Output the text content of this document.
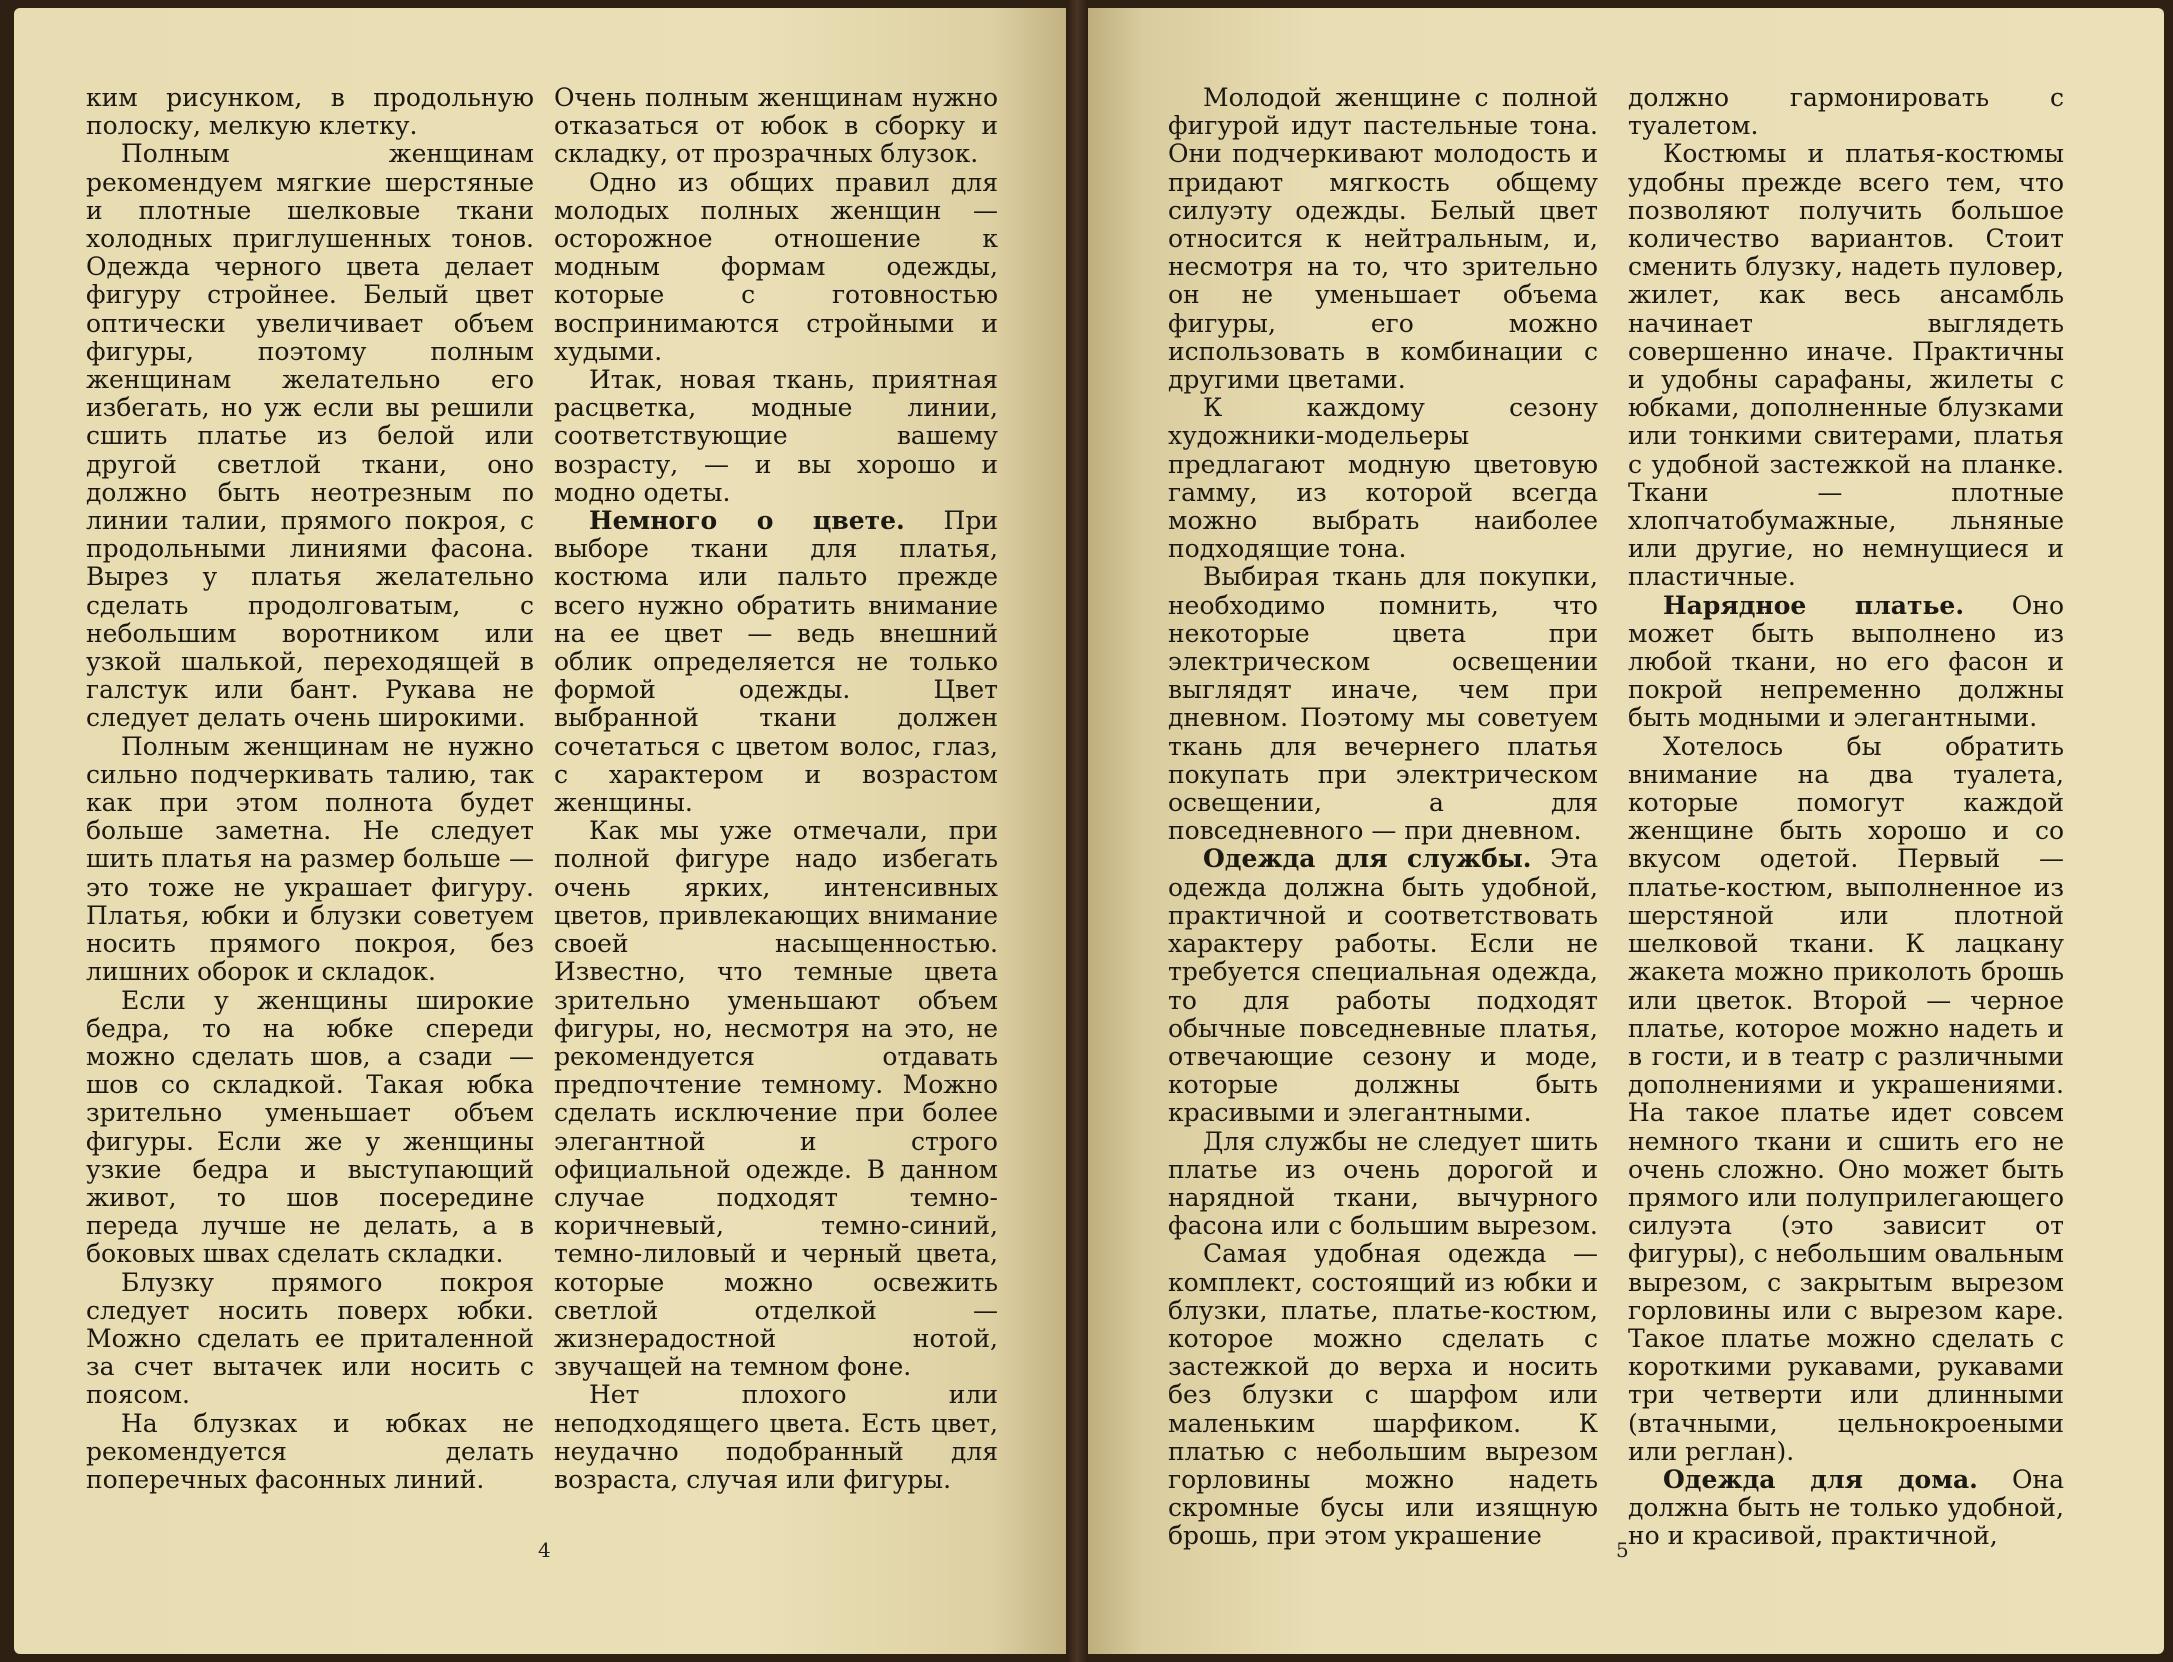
ким рисунком, в продольную полоску, мелкую клетку.

Полным женщинам рекомендуем мягкие шерстяные и плотные шелковые ткани холодных приглушенных тонов. Одежда черного цвета делает фигуру стройнее. Белый цвет оптически увеличивает объем фигуры, поэтому полным женщинам желательно его избегать, но уж если вы решили сшить платье из белой или другой светлой ткани, оно должно быть неотрезным по линии талии, прямого покроя, с продольными линиями фасона. Вырез у платья желательно сделать продолговатым, с небольшим воротником или узкой шалькой, переходящей в галстук или бант. Рукава не следует делать очень широкими.

Полным женщинам не нужно сильно подчеркивать талию, так как при этом полнота будет больше заметна. Не следует шить платья на размер больше — это тоже не украшает фигуру. Платья, юбки и блузки советуем носить прямого покроя, без лишних оборок и складок.

Если у женщины широкие бедра, то на юбке спереди можно сделать шов, а сзади — шов со складкой. Такая юбка зрительно уменьшает объем фигуры. Если же у женщины узкие бедра и выступающий живот, то шов посередине переда лучше не делать, а в боковых швах сделать складки.

Блузку прямого покроя следует носить поверх юбки. Можно сделать ее приталенной за счет вытачек или носить с поясом.

На блузках и юбках не рекомендуется делать поперечных фасонных линий.

Очень полным женщинам нужно отказаться от юбок в сборку и складку, от прозрачных блузок.

Одно из общих правил для молодых полных женщин — осторожное отношение к модным формам одежды, которые с готовностью воспринимаются стройными и худыми.

Итак, новая ткань, приятная расцветка, модные линии, соответствующие вашему возрасту, — и вы хорошо и модно одеты.

Немного о цвете. При выборе ткани для платья, костюма или пальто прежде всего нужно обратить внимание на ее цвет — ведь внешний облик определяется не только формой одежды. Цвет выбранной ткани должен сочетаться с цветом волос, глаз, с характером и возрастом женщины.

Как мы уже отмечали, при полной фигуре надо избегать очень ярких, интенсивных цветов, привлекающих внимание своей насыщенностью. Известно, что темные цвета зрительно уменьшают объем фигуры, но, несмотря на это, не рекомендуется отдавать предпочтение темному. Можно сделать исключение при более элегантной и строго официальной одежде. В данном случае подходят темно-коричневый, темно-синий, темно-лиловый и черный цвета, которые можно освежить светлой отделкой — жизнерадостной нотой, звучащей на темном фоне.

Нет плохого или неподходящего цвета. Есть цвет, неудачно подобранный для возраста, случая или фигуры.

4

Молодой женщине с полной фигурой идут пастельные тона. Они подчеркивают молодость и придают мягкость общему силуэту одежды. Белый цвет относится к нейтральным, и, несмотря на то, что зрительно он не уменьшает объема фигуры, его можно использовать в комбинации с другими цветами.

К каждому сезону художники-модельеры предлагают модную цветовую гамму, из которой всегда можно выбрать наиболее подходящие тона.

Выбирая ткань для покупки, необходимо помнить, что некоторые цвета при электрическом освещении выглядят иначе, чем при дневном. Поэтому мы советуем ткань для вечернего платья покупать при электрическом освещении, а для повседневного — при дневном.

Одежда для службы. Эта одежда должна быть удобной, практичной и соответствовать характеру работы. Если не требуется специальная одежда, то для работы подходят обычные повседневные платья, отвечающие сезону и моде, которые должны быть красивыми и элегантными.

Для службы не следует шить платье из очень дорогой и нарядной ткани, вычурного фасона или с большим вырезом.

Самая удобная одежда — комплект, состоящий из юбки и блузки, платье, платье-костюм, которое можно сделать с застежкой до верха и носить без блузки с шарфом или маленьким шарфиком. К платью с небольшим вырезом горловины можно надеть скромные бусы или изящную брошь, при этом украшение

должно гармонировать с туалетом.

Костюмы и платья-костюмы удобны прежде всего тем, что позволяют получить большое количество вариантов. Стоит сменить блузку, надеть пуловер, жилет, как весь ансамбль начинает выглядеть совершенно иначе. Практичны и удобны сарафаны, жилеты с юбками, дополненные блузками или тонкими свитерами, платья с удобной застежкой на планке. Ткани — плотные хлопчатобумажные, льняные или другие, но немнущиеся и пластичные.

Нарядное платье. Оно может быть выполнено из любой ткани, но его фасон и покрой непременно должны быть модными и элегантными.

Хотелось бы обратить внимание на два туалета, которые помогут каждой женщине быть хорошо и со вкусом одетой. Первый — платье-костюм, выполненное из шерстяной или плотной шелковой ткани. К лацкану жакета можно приколоть брошь или цветок. Второй — черное платье, которое можно надеть и в гости, и в театр с различными дополнениями и украшениями. На такое платье идет совсем немного ткани и сшить его не очень сложно. Оно может быть прямого или полуприлегающего силуэта (это зависит от фигуры), с небольшим овальным вырезом, с закрытым вырезом горловины или с вырезом каре. Такое платье можно сделать с короткими рукавами, рукавами три четверти или длинными (втачными, цельнокроеными или реглан).

Одежда для дома. Она должна быть не только удобной, но и красивой, практичной,

5
